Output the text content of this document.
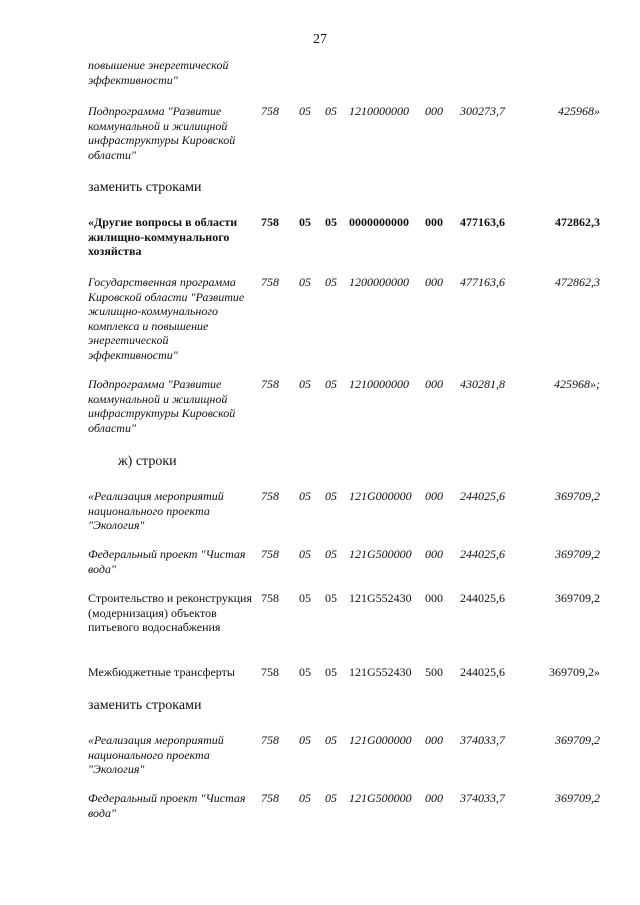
27
повышение энергетической эффективности"
Подпрограмма "Развитие коммунальной и жилищной инфраструктуры Кировской области"
758 05 05 1210000000 000 300273,7	425968»
заменить строками
«Другие вопросы в области жилищно-коммунального хозяйства
758 05 05 0000000000 000 477163,6	472862,3
Государственная программа Кировской области "Развитие жилищно-коммунального комплекса и повышение энергетической эффективности"
758 05 05 1200000000 000 477163,6	472862,3
Подпрограмма "Развитие коммунальной и жилищной инфраструктуры Кировской области"
758 05 05 1210000000 000 430281,8	425968»;
ж) строки
«Реализация мероприятий национального проекта "Экология"
758 05 05 121G000000 000 244025,6	369709,2
Федеральный проект "Чистая вода"
758 05 05 121G500000 000 244025,6	369709,2
Строительство и реконструкция (модернизация) объектов питьевого водоснабжения
758 05 05 121G552430 000 244025,6	369709,2
Межбюджетные трансферты	758 05 05 121G552430 500 244025,6	369709,2»
заменить строками
«Реализация мероприятий национального проекта "Экология"
758 05 05 121G000000 000 374033,7	369709,2
Федеральный проект "Чистая вода"
758 05 05 121G500000 000 374033,7	369709,2
